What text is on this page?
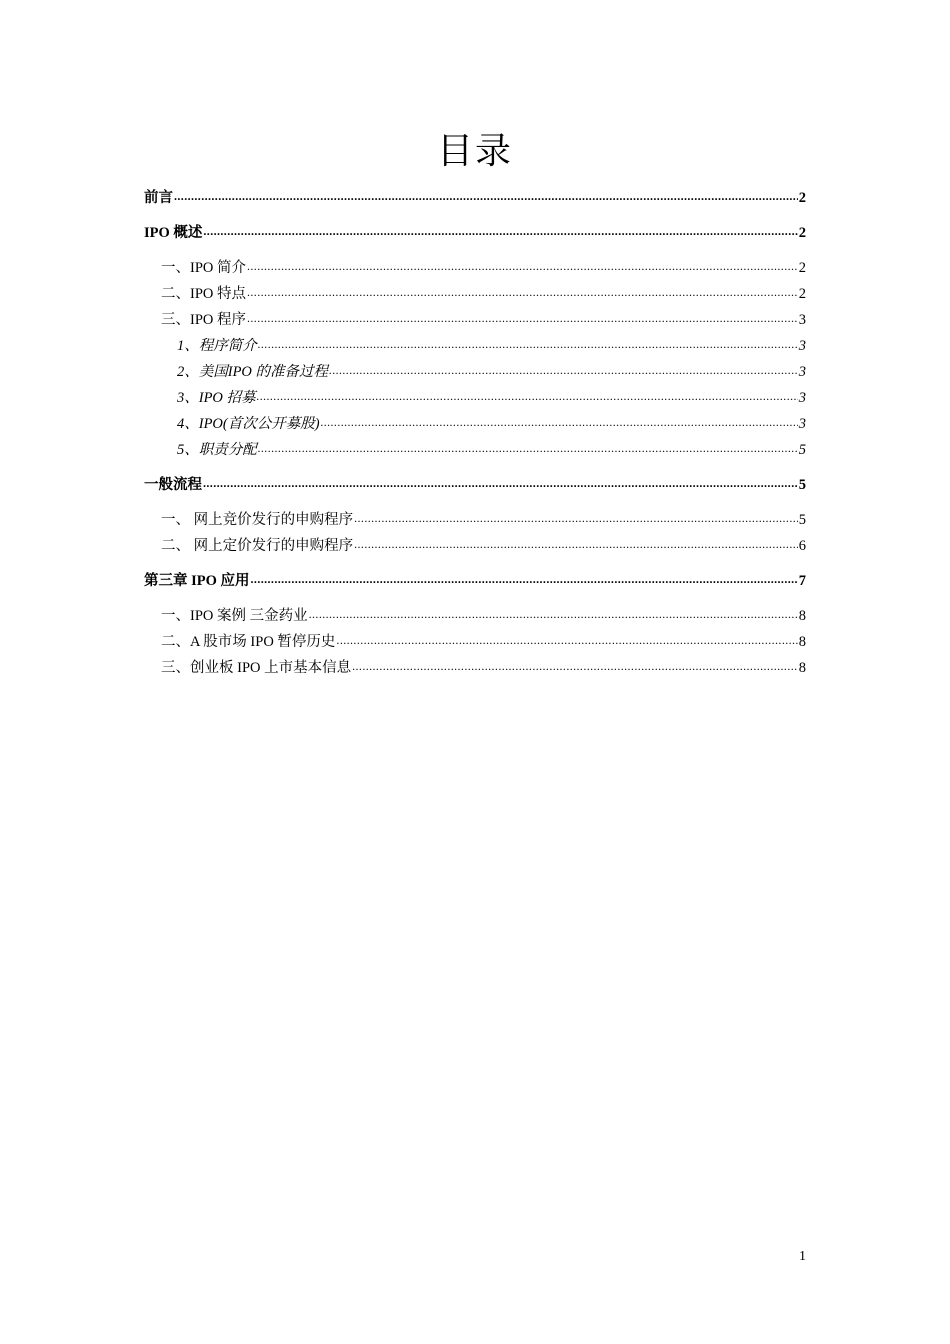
目录
前言 .....	2
IPO 概述 .....	2
一、IPO 简介 .....	2
二、IPO 特点 .....	2
三、IPO 程序 .....	3
1、程序简介 .....	3
2、美国IPO 的准备过程 .....	3
3、IPO 招募 .....	3
4、IPO(首次公开募股) .....	3
5、职责分配 .....	5
一般流程 .....	5
一、 网上竞价发行的申购程序 .....	5
二、 网上定价发行的申购程序 .....	6
第三章 IPO 应用 .....	7
一、IPO 案例 三金药业 .....	8
二、A 股市场 IPO 暂停历史 .....	8
三、创业板 IPO 上市基本信息 .....	8
1
